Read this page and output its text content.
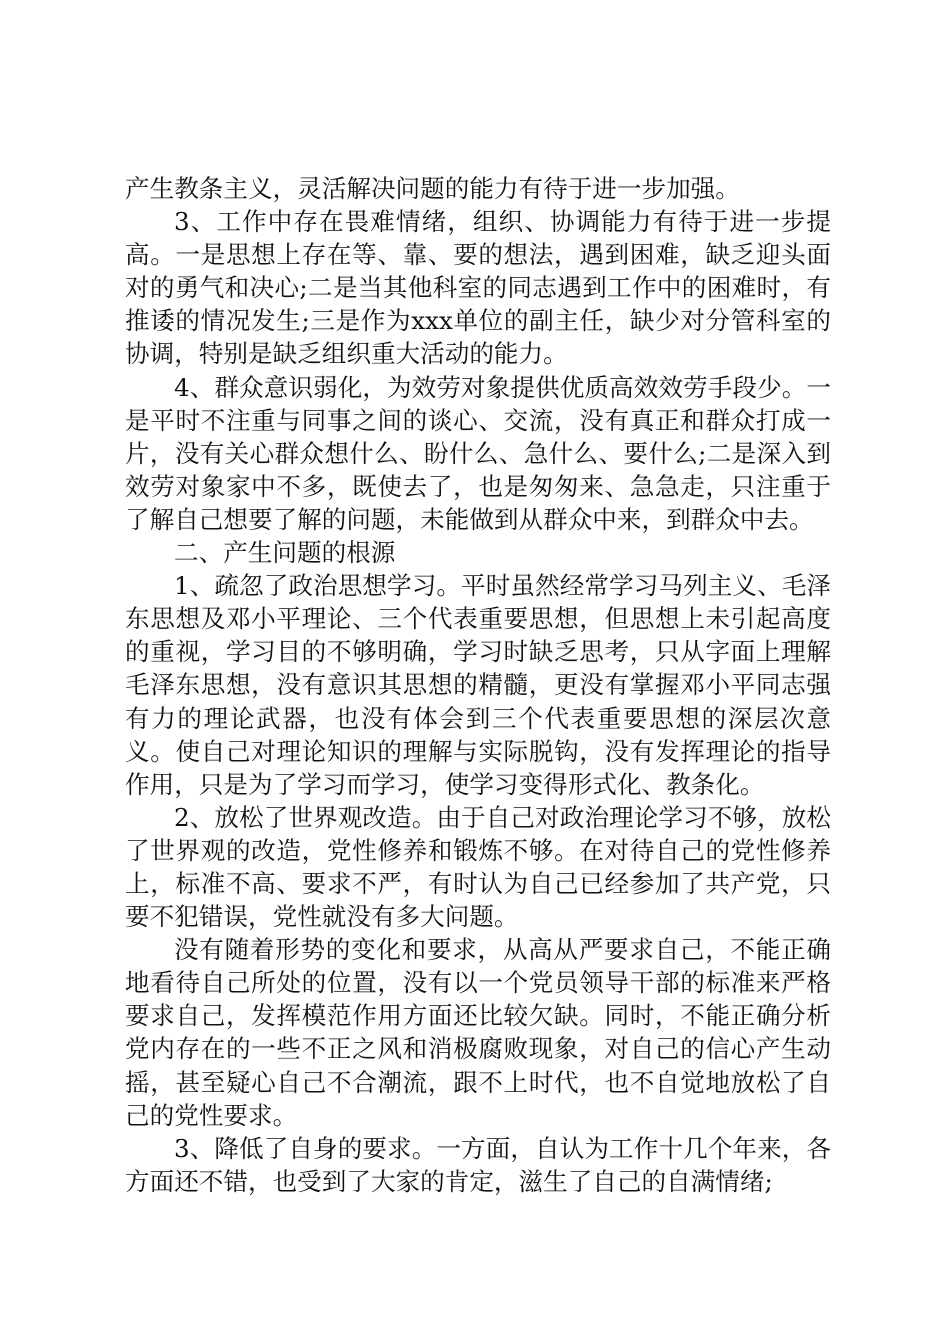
产生教条主义，灵活解决问题的能力有待于进一步加强。

3、工作中存在畏难情绪，组织、协调能力有待于进一步提高。一是思想上存在等、靠、要的想法，遇到困难，缺乏迎头面对的勇气和决心;二是当其他科室的同志遇到工作中的困难时，有推诿的情况发生;三是作为xxx单位的副主任，缺少对分管科室的协调，特别是缺乏组织重大活动的能力。

4、群众意识弱化，为效劳对象提供优质高效效劳手段少。一是平时不注重与同事之间的谈心、交流，没有真正和群众打成一片，没有关心群众想什么、盼什么、急什么、要什么;二是深入到效劳对象家中不多，既使去了，也是匆匆来、急急走，只注重于了解自己想要了解的问题，未能做到从群众中来，到群众中去。

二、产生问题的根源

1、疏忽了政治思想学习。平时虽然经常学习马列主义、毛泽东思想及邓小平理论、三个代表重要思想，但思想上未引起高度的重视，学习目的不够明确，学习时缺乏思考，只从字面上理解毛泽东思想，没有意识其思想的精髓，更没有掌握邓小平同志强有力的理论武器，也没有体会到三个代表重要思想的深层次意义。使自己对理论知识的理解与实际脱钩，没有发挥理论的指导作用，只是为了学习而学习，使学习变得形式化、教条化。

2、放松了世界观改造。由于自己对政治理论学习不够，放松了世界观的改造，党性修养和锻炼不够。在对待自己的党性修养上，标准不高、要求不严，有时认为自己已经参加了共产党，只要不犯错误，党性就没有多大问题。

没有随着形势的变化和要求，从高从严要求自己，不能正确地看待自己所处的位置，没有以一个党员领导干部的标准来严格要求自己，发挥模范作用方面还比较欠缺。同时，不能正确分析党内存在的一些不正之风和消极腐败现象，对自己的信心产生动摇，甚至疑心自己不合潮流，跟不上时代，也不自觉地放松了自己的党性要求。

3、降低了自身的要求。一方面，自认为工作十几个年来，各方面还不错，也受到了大家的肯定，滋生了自己的自满情绪;
